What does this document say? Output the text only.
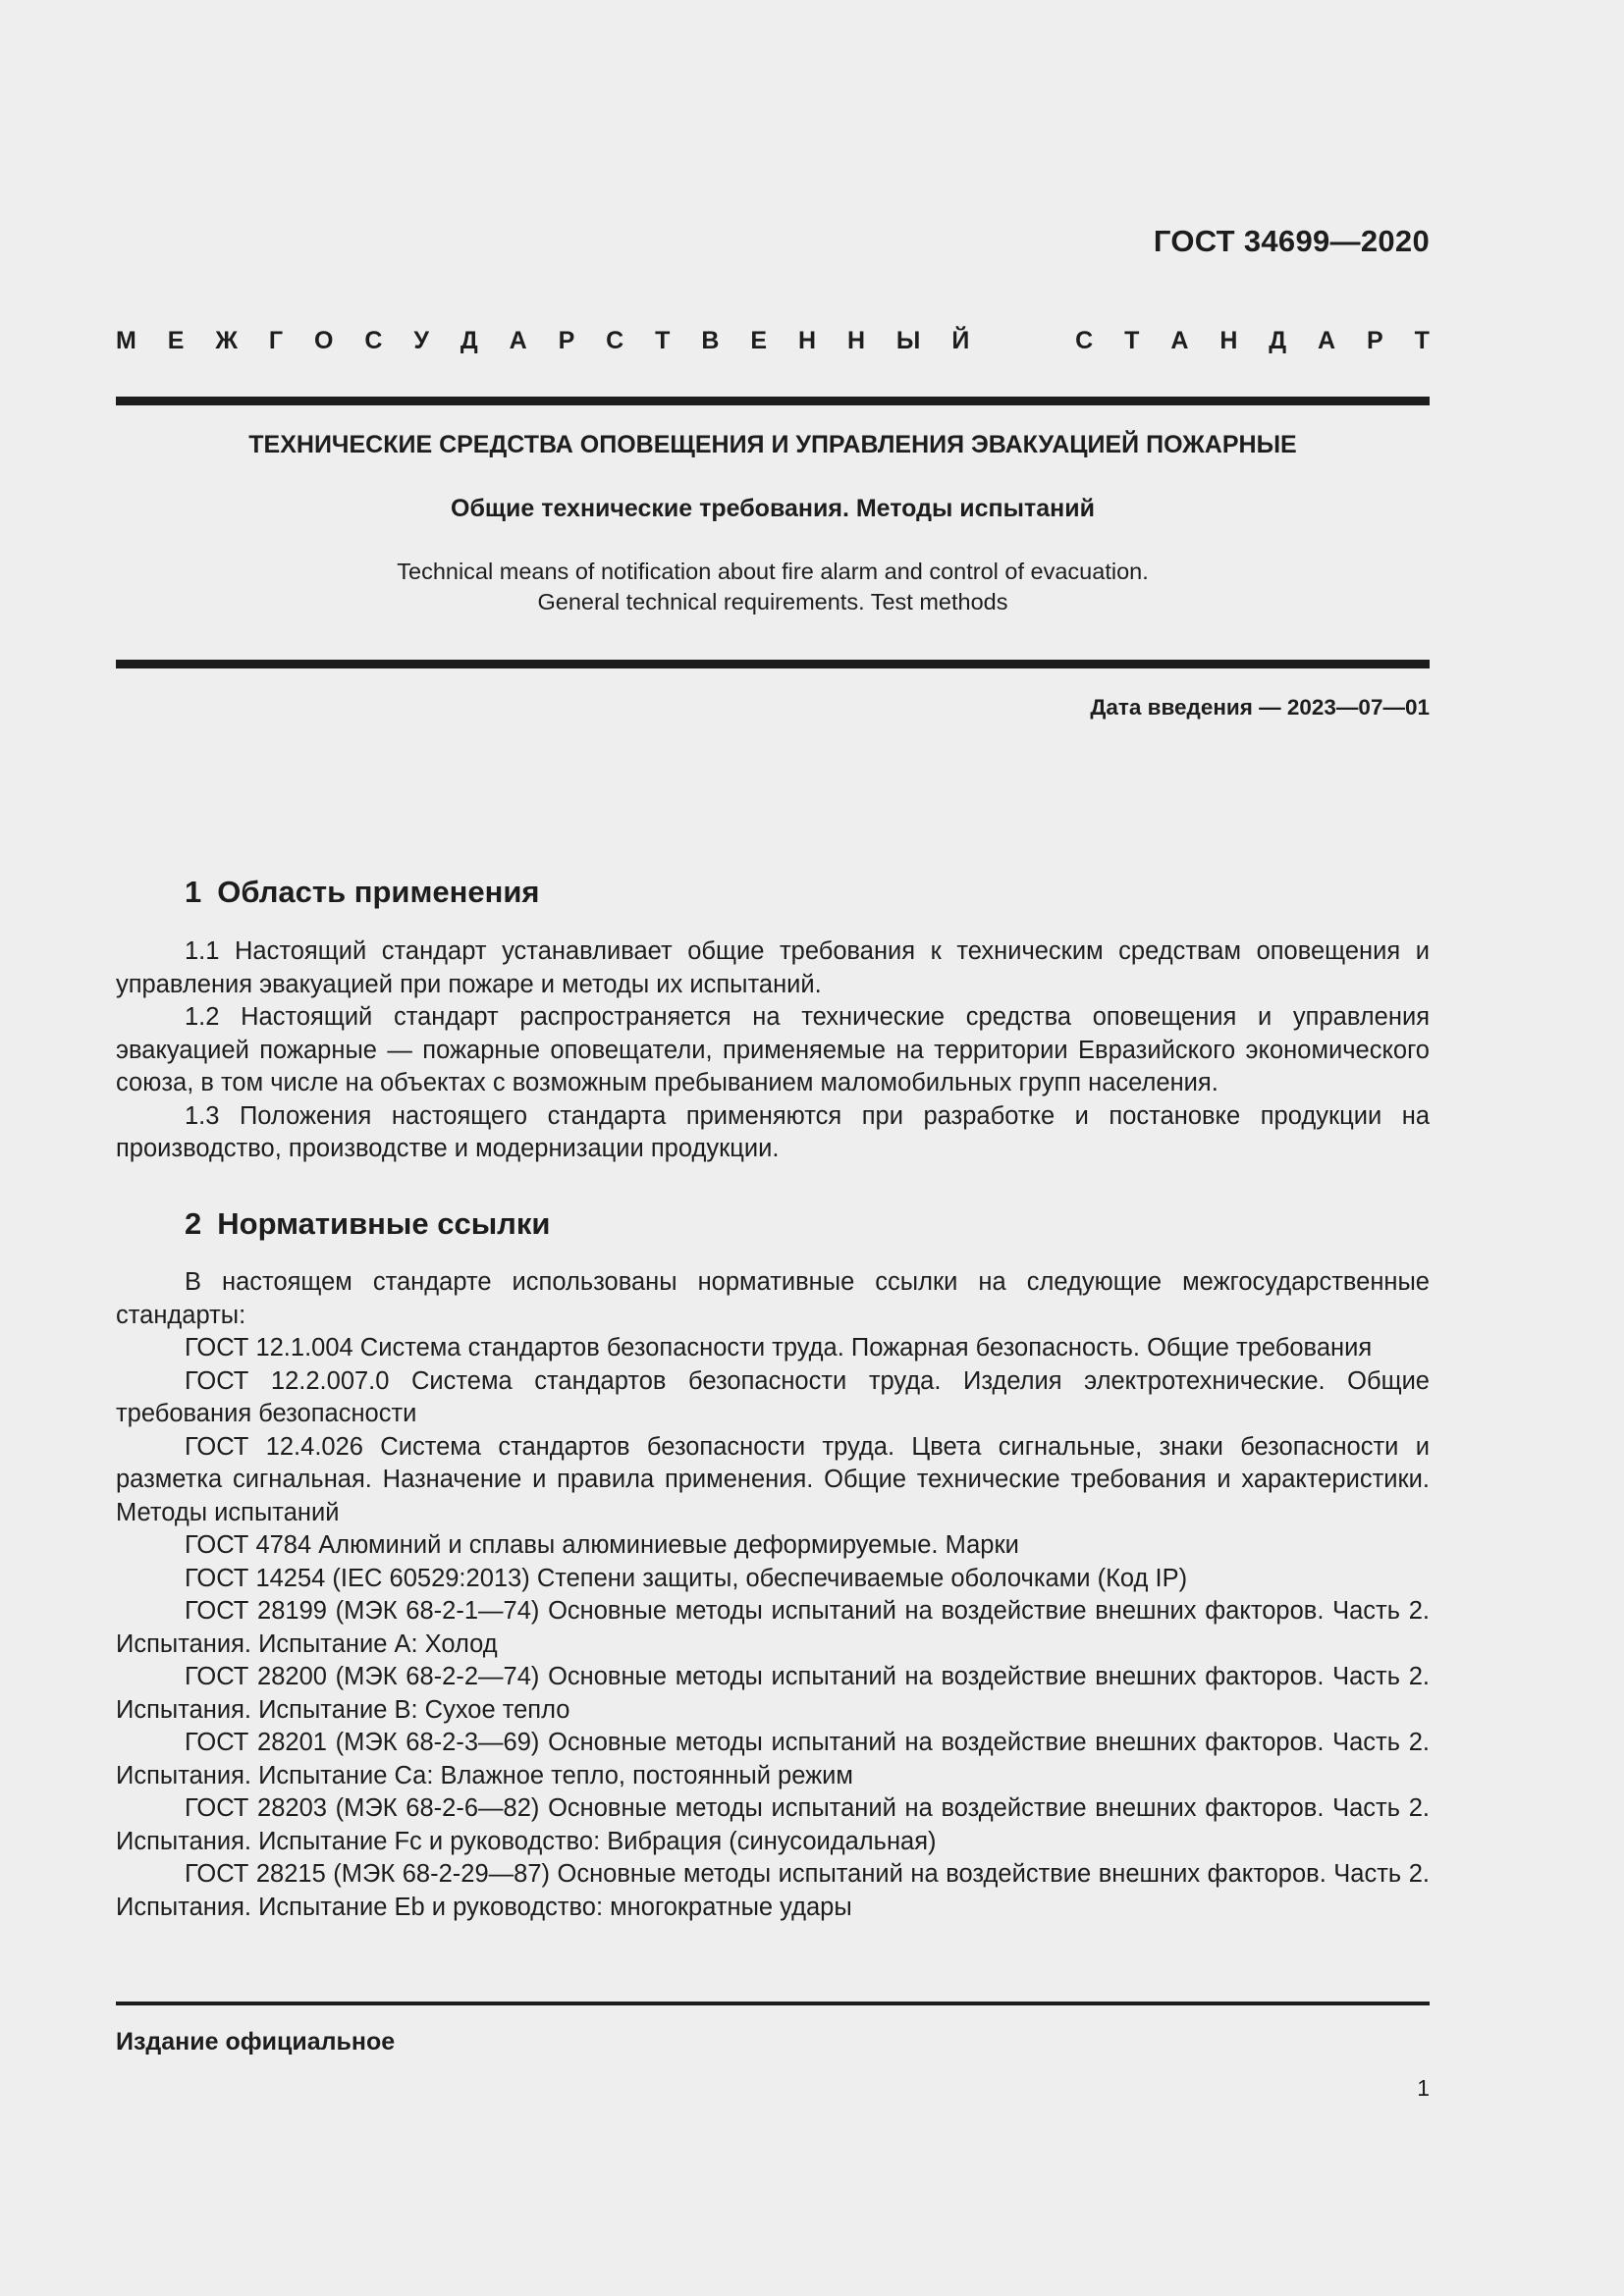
ГОСТ 34699—2020
М Е Ж Г О С У Д А Р С Т В Е Н Н Ы Й	С Т А Н Д А Р Т
ТЕХНИЧЕСКИЕ СРЕДСТВА ОПОВЕЩЕНИЯ И УПРАВЛЕНИЯ ЭВАКУАЦИЕЙ ПОЖАРНЫЕ
Общие технические требования. Методы испытаний
Technical means of notification about fire alarm and control of evacuation.
General technical requirements. Test methods
Дата введения — 2023—07—01
1 Область применения

1.1 Настоящий стандарт устанавливает общие требования к техническим средствам оповещения и управления эвакуацией при пожаре и методы их испытаний.

1.2 Настоящий стандарт распространяется на технические средства оповещения и управления эвакуацией пожарные — пожарные оповещатели, применяемые на территории Евразийского экономического союза, в том числе на объектах с возможным пребыванием маломобильных групп населения.

1.3 Положения настоящего стандарта применяются при разработке и постановке продукции на производство, производстве и модернизации продукции.

2 Нормативные ссылки

В настоящем стандарте использованы нормативные ссылки на следующие межгосударственные стандарты:

ГОСТ 12.1.004 Система стандартов безопасности труда. Пожарная безопасность. Общие требования

ГОСТ 12.2.007.0 Система стандартов безопасности труда. Изделия электротехнические. Общие требования безопасности

ГОСТ 12.4.026 Система стандартов безопасности труда. Цвета сигнальные, знаки безопасности и разметка сигнальная. Назначение и правила применения. Общие технические требования и характеристики. Методы испытаний

ГОСТ 4784 Алюминий и сплавы алюминиевые деформируемые. Марки

ГОСТ 14254 (IEC 60529:2013) Степени защиты, обеспечиваемые оболочками (Код IP)

ГОСТ 28199 (МЭК 68-2-1—74) Основные методы испытаний на воздействие внешних факторов. Часть 2. Испытания. Испытание А: Холод

ГОСТ 28200 (МЭК 68-2-2—74) Основные методы испытаний на воздействие внешних факторов. Часть 2. Испытания. Испытание В: Сухое тепло

ГОСТ 28201 (МЭК 68-2-3—69) Основные методы испытаний на воздействие внешних факторов. Часть 2. Испытания. Испытание Са: Влажное тепло, постоянный режим

ГОСТ 28203 (МЭК 68-2-6—82) Основные методы испытаний на воздействие внешних факторов. Часть 2. Испытания. Испытание Fc и руководство: Вибрация (синусоидальная)

ГОСТ 28215 (МЭК 68-2-29—87) Основные методы испытаний на воздействие внешних факторов. Часть 2. Испытания. Испытание Eb и руководство: многократные удары

Издание официальное
1
